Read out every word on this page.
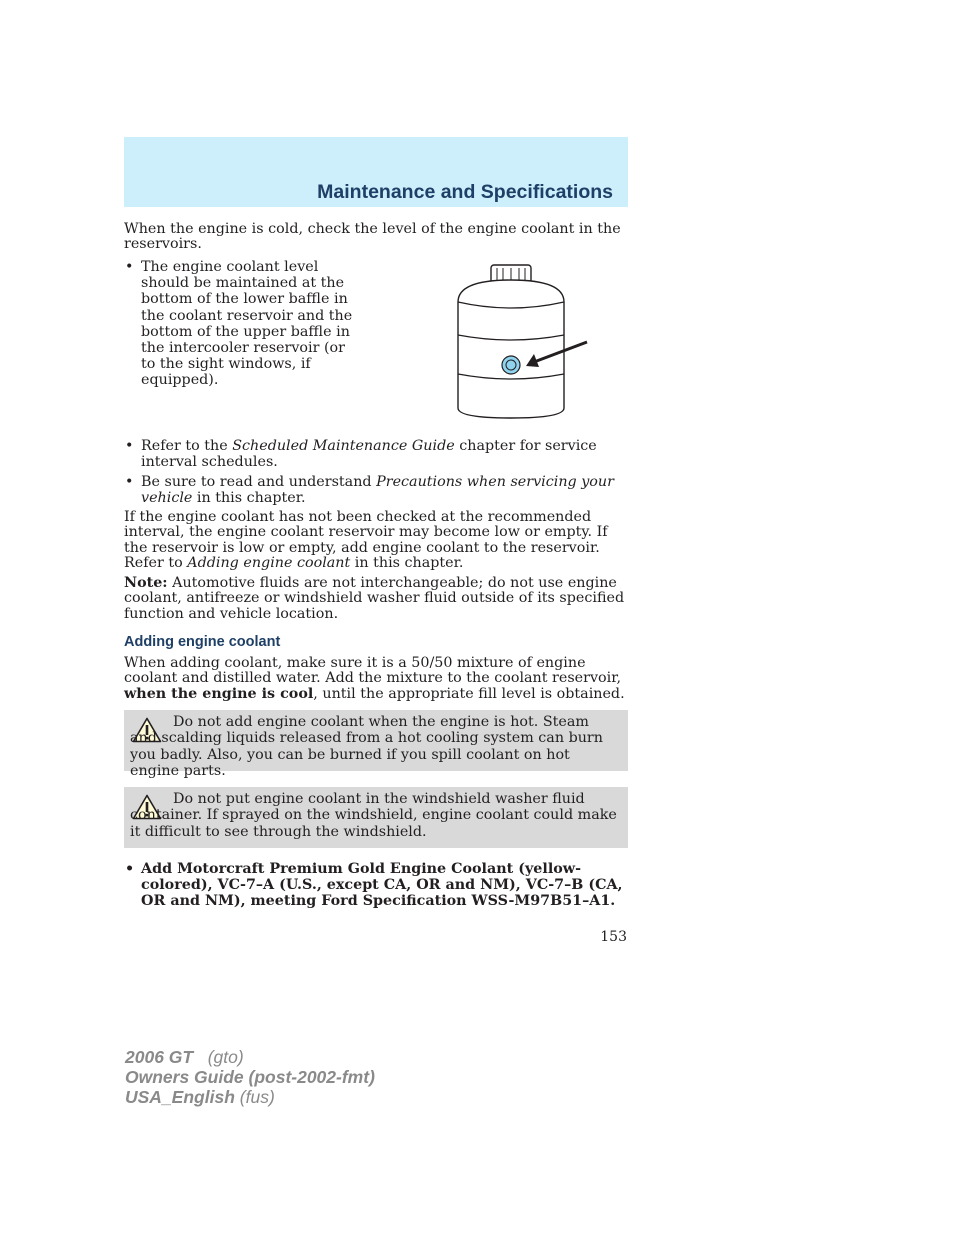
Maintenance and Specifications

When the engine is cold, check the level of the engine coolant in the reservoirs.

• The engine coolant level should be maintained at the bottom of the lower baffle in the coolant reservoir and the bottom of the upper baffle in the intercooler reservoir (or to the sight windows, if equipped).
• Refer to the Scheduled Maintenance Guide chapter for service interval schedules.
• Be sure to read and understand Precautions when servicing your vehicle in this chapter.

If the engine coolant has not been checked at the recommended interval, the engine coolant reservoir may become low or empty. If the reservoir is low or empty, add engine coolant to the reservoir. Refer to Adding engine coolant in this chapter.

Note: Automotive fluids are not interchangeable; do not use engine coolant, antifreeze or windshield washer fluid outside of its specified function and vehicle location.

Adding engine coolant

When adding coolant, make sure it is a 50/50 mixture of engine coolant and distilled water. Add the mixture to the coolant reservoir, when the engine is cool, until the appropriate fill level is obtained.

Do not add engine coolant when the engine is hot. Steam and scalding liquids released from a hot cooling system can burn you badly. Also, you can be burned if you spill coolant on hot engine parts.

Do not put engine coolant in the windshield washer fluid container. If sprayed on the windshield, engine coolant could make it difficult to see through the windshield.

• Add Motorcraft Premium Gold Engine Coolant (yellow-colored), VC-7–A (U.S., except CA, OR and NM), VC-7–B (CA, OR and NM), meeting Ford Specification WSS-M97B51–A1.
153
2006 GT (gto)
Owners Guide (post-2002-fmt)
USA_English (fus)
